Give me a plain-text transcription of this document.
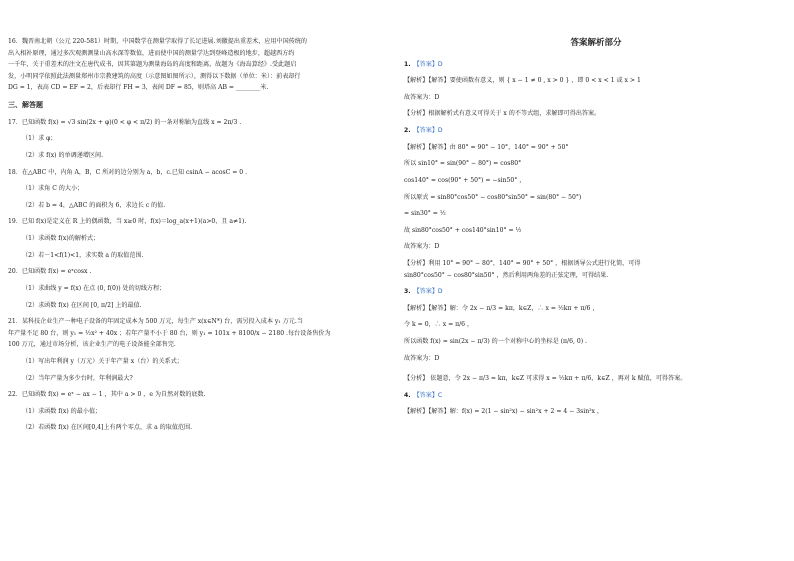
16．魏晋南北朝（公元 220-581）时期，中国数学在测量学取得了长足进展.刘徽提出重差术，应用中国传统的
出入相补原理，通过多次观测测量山高水深等数值，进而使中国的测量学达到登峰造极的地步，超越西方约
一千年，关于重差术的注文在唐代成书，因其第题为测量海岛的高度和距离，故题为《海岛算经》.受此题启
发，小明同学依照此法测量郑州市宗教建筑的高度（示意图如图所示），测得以下数据（单位：米）：前表却行
DG = 1，表高 CD = EF = 2，后表却行 FH = 3，表间 DF = 85，则塔高 AB = ________米.
三、解答题
17．已知函数 f(x) = √3 sin(2x + φ)(0 < φ < π/2) 的一条对称轴为直线 x = 2π/3 .
（1）求 φ；
（2）求 f(x) 的单调递增区间.
18．在△ABC 中，内角 A，B，C 所对的边分别为 a，b，c.已知 csinA − acosC = 0 .
（1）求角 C 的大小；
（2）若 b = 4，△ABC 的面积为 6，求边长 c 的值.
19．已知 f(x)是定义在 R 上的偶函数，当 x≥0 时，f(x)＝log_a(x+1)(a>0，且 a≠1).
（1）求函数 f(x)的解析式；
（2）若－1<f(1)<1，求实数 a 的取值范围.
20．已知函数 f(x) = eˣcosx .
（1）求曲线 y = f(x) 在点 (0, f(0)) 处的切线方程；
（2）求函数 f(x) 在区间 [0, π/2] 上的最值.
21．某科技企业生产一种电子设备的年固定成本为 500 万元，每生产 x(x∈N*) 台，需另投入成本 y₁ 万元.当
年产量不足 80 台，则 y₁ = ½x² + 40x ；若年产量不小于 80 台，则 y₁ = 101x + 8100/x − 2180 .每台设备售价为
100 万元，通过市场分析，该企业生产的电子设备能全部售完.
（1）写出年利润 y（万元）关于年产量 x（台）的关系式；
（2）当年产量为多少台时，年利润最大?
22．已知函数 f(x) = eˣ − ax − 1 ，其中 a > 0 ，e 为自然对数的底数.
（1）求函数 f(x) 的最小值；
（2）若函数 f(x) 在区间[0,4]上有两个零点，求 a 的取值范围.
答案解析部分
1. 【答案】D
【解析】【解答】要使函数有意义，则 { x − 1 ≠ 0 , x > 0 } ，即 0 < x < 1 或 x > 1
故答案为：D
【分析】根据解析式有意义可得关于 x 的不等式组，求解即可得出答案。
2. 【答案】D
【解析】【解答】由 80° = 90° − 10°，140° = 90° + 50°
所以 sin10° = sin(90° − 80°) = cos80°
cos140° = cos(90° + 50°) = −sin50° ，
所以原式 = sin80°cos50° − cos80°sin50° = sin(80° − 50°)
= sin30° = ½
故 sin80°cos50° + cos140°sin10° = ½
故答案为：D
【分析】利用 10° = 90° − 80°，140° = 90° + 50° ，根据诱导公式进行化简，可得
sin80°cos50° − cos80°sin50° ，然后利用两角差的正弦定理，可得结果.
3. 【答案】D
【解析】【解答】解：令 2x − π/3 = kπ，k∈Z，∴ x = ½kπ + π/6 ，
令 k = 0，∴ x = π/6 ，
所以函数 f(x) = sin(2x − π/3) 的一个对称中心的坐标是 (π/6, 0) .
故答案为：D
【分析】 依题意，令 2x − π/3 = kπ，k∈Z 可求得 x = ½kπ + π/6，k∈Z ，再对 k 赋值，可得答案。
4. 【答案】C
【解析】【解答】解：f(x) = 2(1 − sin²x) − sin²x + 2 = 4 − 3sin²x ，
